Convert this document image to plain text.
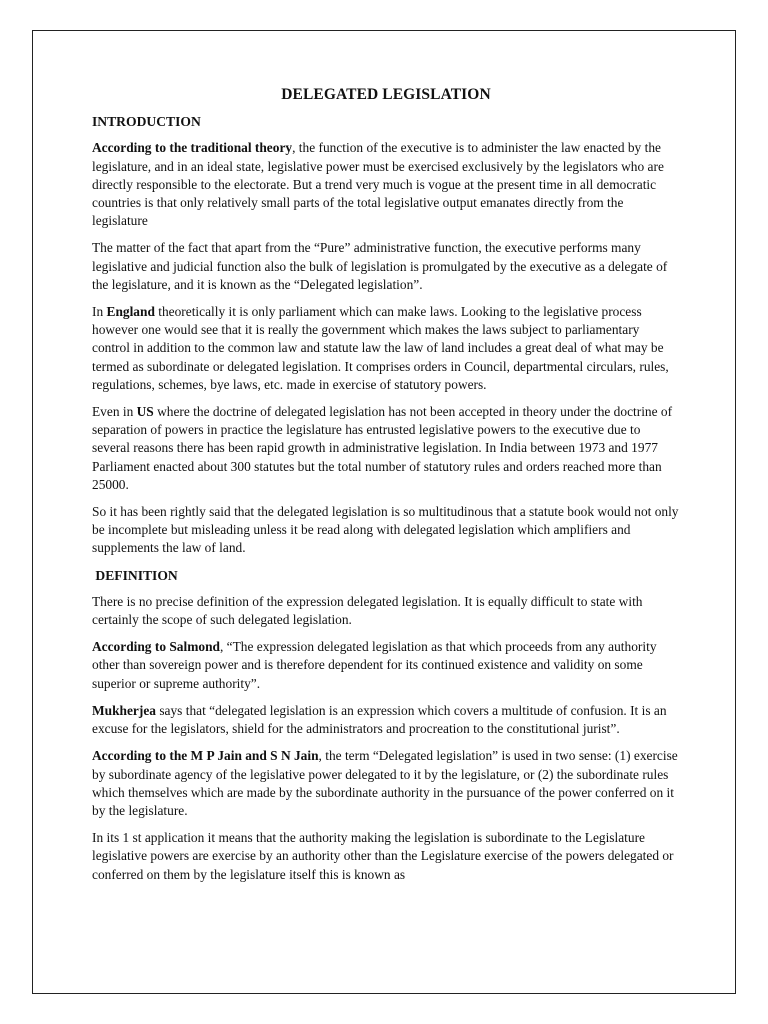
DELEGATED LEGISLATION
INTRODUCTION

According to the traditional theory, the function of the executive is to administer the law enacted by the legislature, and in an ideal state, legislative power must be exercised exclusively by the legislators who are directly responsible to the electorate. But a trend very much is vogue at the present time in all democratic countries is that only relatively small parts of the total legislative output emanates directly from the legislature

The matter of the fact that apart from the “Pure” administrative function, the executive performs many legislative and judicial function also the bulk of legislation is promulgated by the executive as a delegate of the legislature, and it is known as the “Delegated legislation”.

In England theoretically it is only parliament which can make laws. Looking to the legislative process however one would see that it is really the government which makes the laws subject to parliamentary control in addition to the common law and statute law the law of land includes a great deal of what may be termed as subordinate or delegated legislation. It comprises orders in Council, departmental circulars, rules, regulations, schemes, bye laws, etc. made in exercise of statutory powers.

Even in US where the doctrine of delegated legislation has not been accepted in theory under the doctrine of separation of powers in practice the legislature has entrusted legislative powers to the executive due to several reasons there has been rapid growth in administrative legislation. In India between 1973 and 1977 Parliament enacted about 300 statutes but the total number of statutory rules and orders reached more than 25000.

So it has been rightly said that the delegated legislation is so multitudinous that a statute book would not only be incomplete but misleading unless it be read along with delegated legislation which amplifiers and supplements the law of land.

DEFINITION

There is no precise definition of the expression delegated legislation. It is equally difficult to state with certainly the scope of such delegated legislation.

According to Salmond, “The expression delegated legislation as that which proceeds from any authority other than sovereign power and is therefore dependent for its continued existence and validity on some superior or supreme authority”.

Mukherjea says that “delegated legislation is an expression which covers a multitude of confusion. It is an excuse for the legislators, shield for the administrators and procreation to the constitutional jurist”.

According to the M P Jain and S N Jain, the term “Delegated legislation” is used in two sense: (1) exercise by subordinate agency of the legislative power delegated to it by the legislature, or (2) the subordinate rules which themselves which are made by the subordinate authority in the pursuance of the power conferred on it by the legislature.

In its 1 st application it means that the authority making the legislation is subordinate to the Legislature legislative powers are exercise by an authority other than the Legislature exercise of the powers delegated or conferred on them by the legislature itself this is known as
